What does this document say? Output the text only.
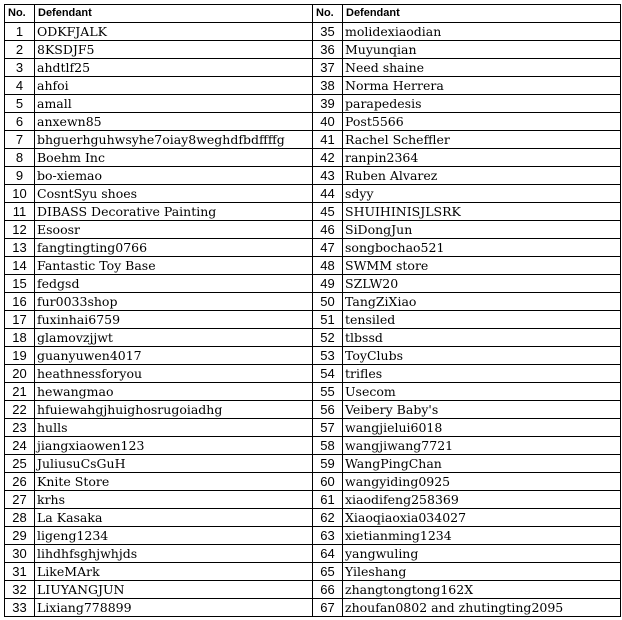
No.	Defendant	No.	Defendant
1	ODKFJALK	35	molidexiaodian
2	8KSDJF5	36	Muyunqian
3	ahdtlf25	37	Need shaine
4	ahfoi	38	Norma Herrera
5	amall	39	parapedesis
6	anxewn85	40	Post5566
7	bhguerhguhwsyhe7oiay8weghdfbdffffg	41	Rachel Scheffler
8	Boehm Inc	42	ranpin2364
9	bo-xiemao	43	Ruben Alvarez
10	CosntSyu shoes	44	sdyy
11	DIBASS Decorative Painting	45	SHUIHINISJLSRK
12	Esoosr	46	SiDongJun
13	fangtingting0766	47	songbochao521
14	Fantastic Toy Base	48	SWMM store
15	fedgsd	49	SZLW20
16	fur0033shop	50	TangZiXiao
17	fuxinhai6759	51	tensiled
18	glamovzjjwt	52	tlbssd
19	guanyuwen4017	53	ToyClubs
20	heathnessforyou	54	trifles
21	hewangmao	55	Usecom
22	hfuiewahgjhuighosrugoiadhg	56	Veibery Baby's
23	hulls	57	wangjielui6018
24	jiangxiaowen123	58	wangjiwang7721
25	JuliusuCsGuH	59	WangPingChan
26	Knite Store	60	wangyiding0925
27	krhs	61	xiaodifeng258369
28	La Kasaka	62	Xiaoqiaoxia034027
29	ligeng1234	63	xietianming1234
30	lihdhfsghjwhjds	64	yangwuling
31	LikeMArk	65	Yileshang
32	LIUYANGJUN	66	zhangtongtong162X
33	Lixiang778899	67	zhoufan0802 and zhutingting2095
